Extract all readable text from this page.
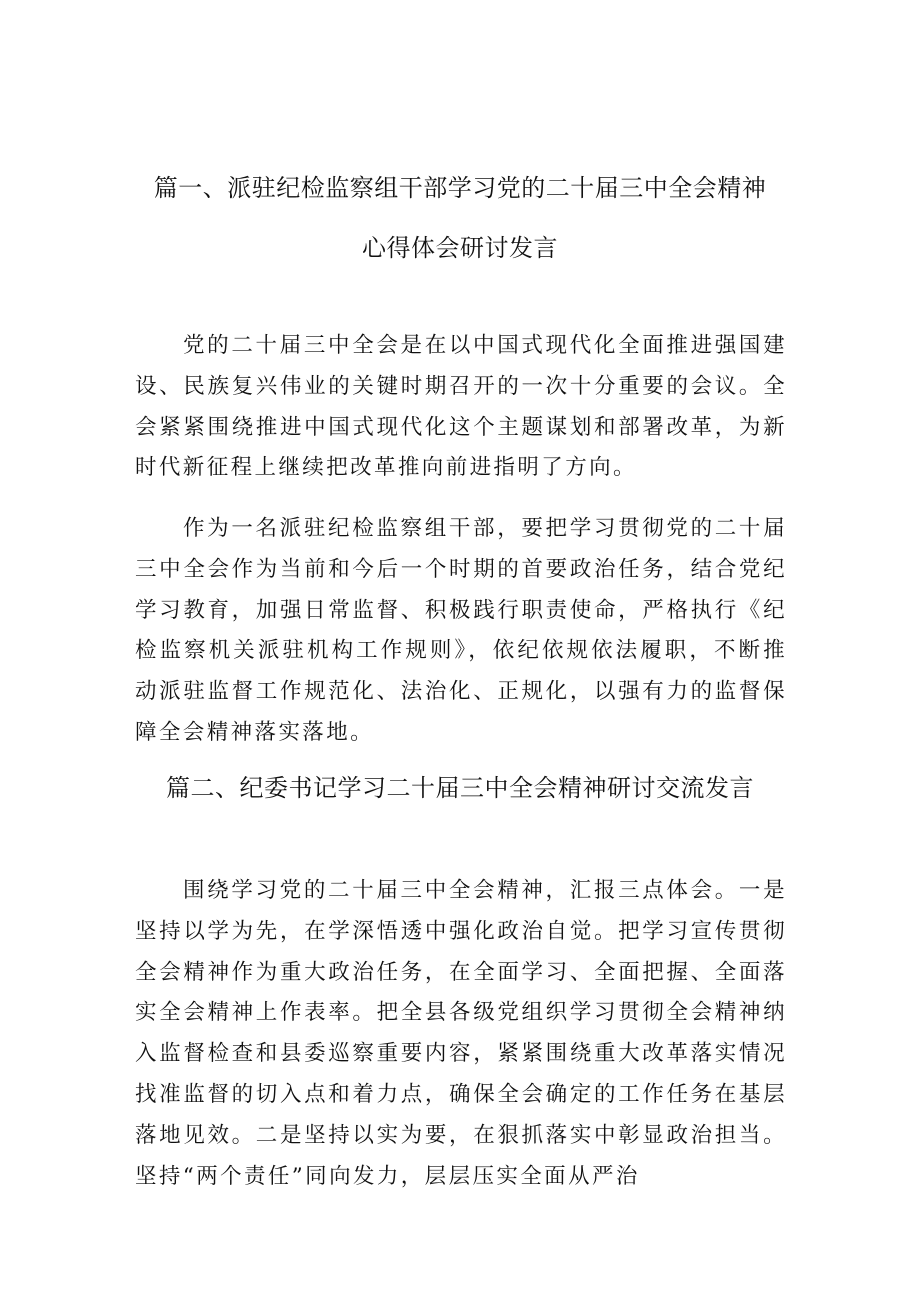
篇一、派驻纪检监察组干部学习党的二十届三中全会精神
心得体会研讨发言

党的二十届三中全会是在以中国式现代化全面推进强国建设、民族复兴伟业的关键时期召开的一次十分重要的会议。全会紧紧围绕推进中国式现代化这个主题谋划和部署改革，为新时代新征程上继续把改革推向前进指明了方向。

作为一名派驻纪检监察组干部，要把学习贯彻党的二十届三中全会作为当前和今后一个时期的首要政治任务，结合党纪学习教育，加强日常监督、积极践行职责使命，严格执行《纪检监察机关派驻机构工作规则》，依纪依规依法履职，不断推动派驻监督工作规范化、法治化、正规化，以强有力的监督保障全会精神落实落地。

篇二、纪委书记学习二十届三中全会精神研讨交流发言

围绕学习党的二十届三中全会精神，汇报三点体会。一是坚持以学为先，在学深悟透中强化政治自觉。把学习宣传贯彻全会精神作为重大政治任务，在全面学习、全面把握、全面落实全会精神上作表率。把全县各级党组织学习贯彻全会精神纳入监督检查和县委巡察重要内容，紧紧围绕重大改革落实情况找准监督的切入点和着力点，确保全会确定的工作任务在基层落地见效。二是坚持以实为要，在狠抓落实中彰显政治担当。坚持“两个责任”同向发力，层层压实全面从严治
